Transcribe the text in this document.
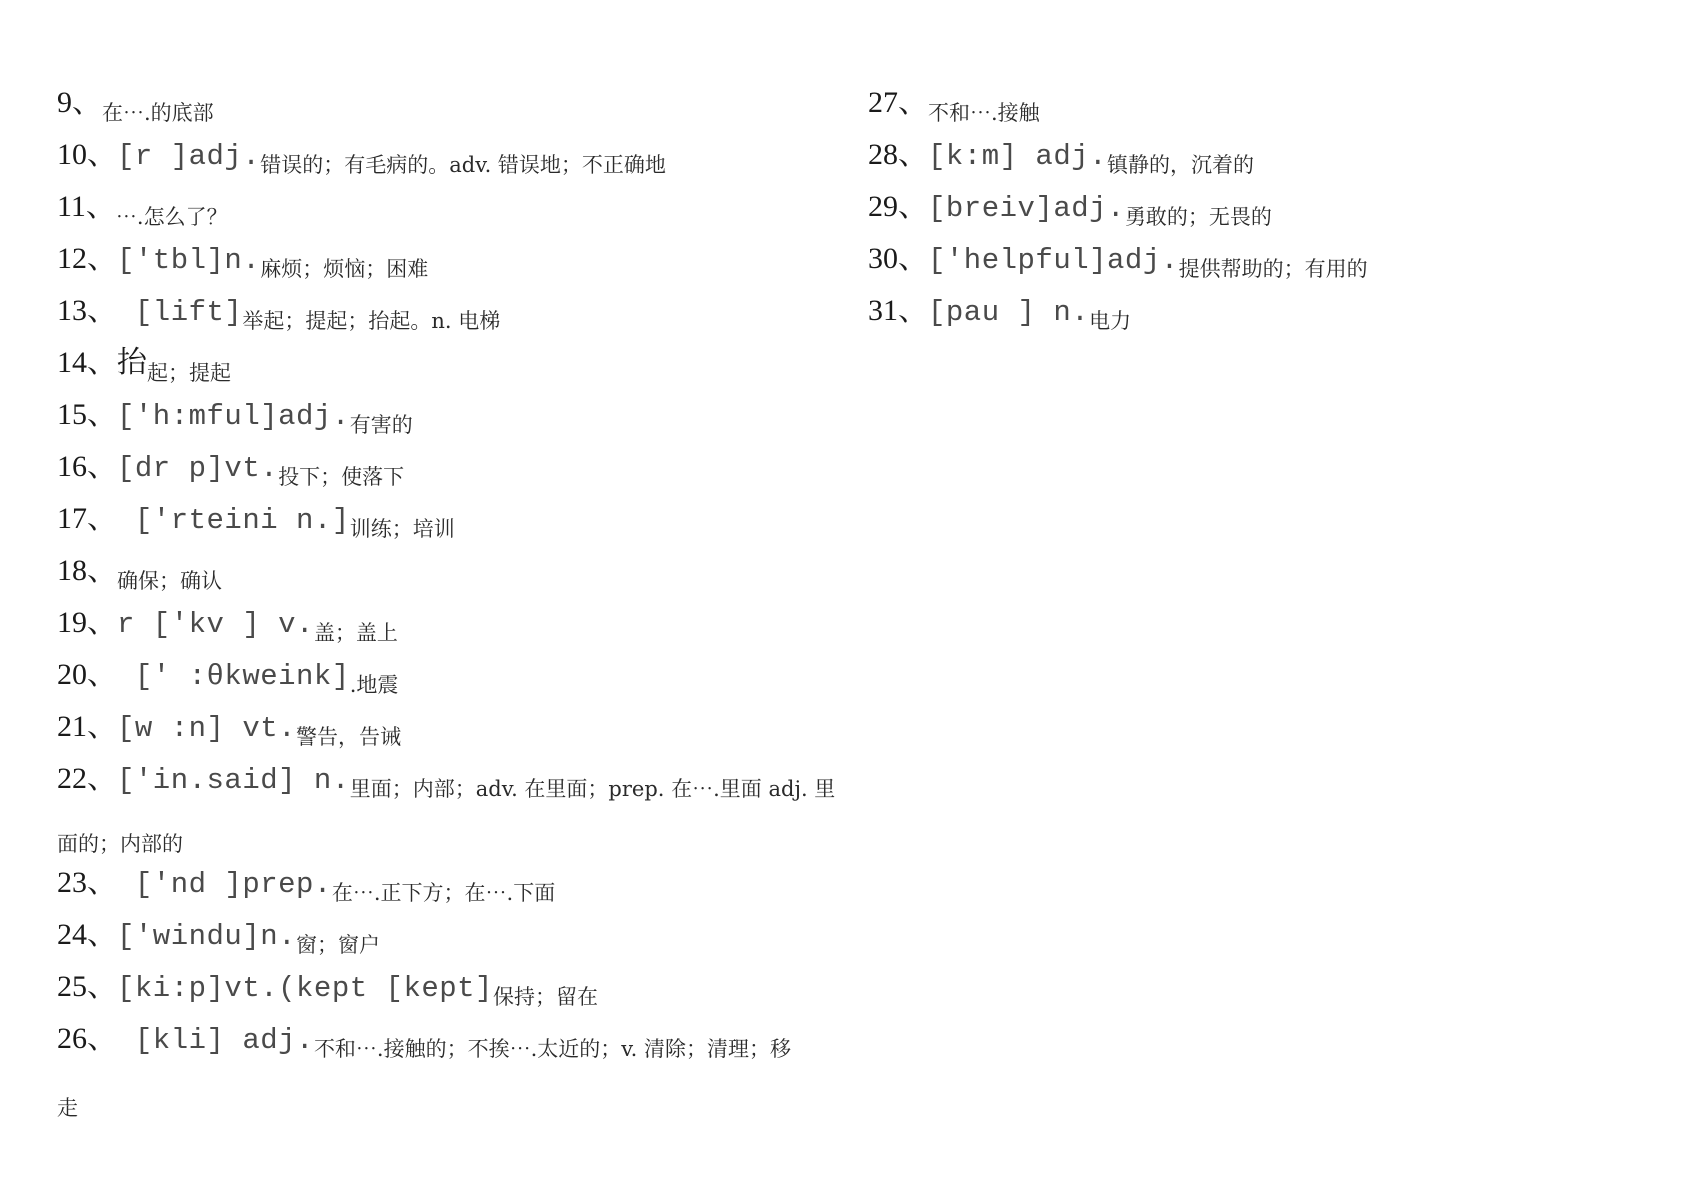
9、在⋯.的底部
10、[r ]adj.错误的；有毛病的。adv. 错误地；不正确地
11、⋯.怎么了？
12、['tbl]n.麻烦；烦恼；困难
13、 [lift]举起；提起；抬起。n. 电梯
14、抬起；提起
15、['h:mful]adj.有害的
16、[dr p]vt.投下；使落下
17、 ['rteini n.]训练；培训
18、确保；确认
19、r ['kv ] v.盖；盖上
20、 [' :θkweink].地震
21、[w :n] vt.警告，告诫
22、['in.said] n.里面；内部；adv. 在里面；prep. 在⋯.里面 adj. 里
面的；内部的
23、 ['nd ]prep.在⋯.正下方；在⋯.下面
24、['windu]n.窗；窗户
25、[ki:p]vt.(kept [kept]保持；留在
26、 [kli] adj.不和⋯.接触的；不挨⋯.太近的；v. 清除；清理；移
走
27、不和⋯.接触
28、[k:m] adj.镇静的，沉着的
29、[breiv]adj.勇敢的；无畏的
30、['helpful]adj.提供帮助的；有用的
31、[pau ] n.电力
